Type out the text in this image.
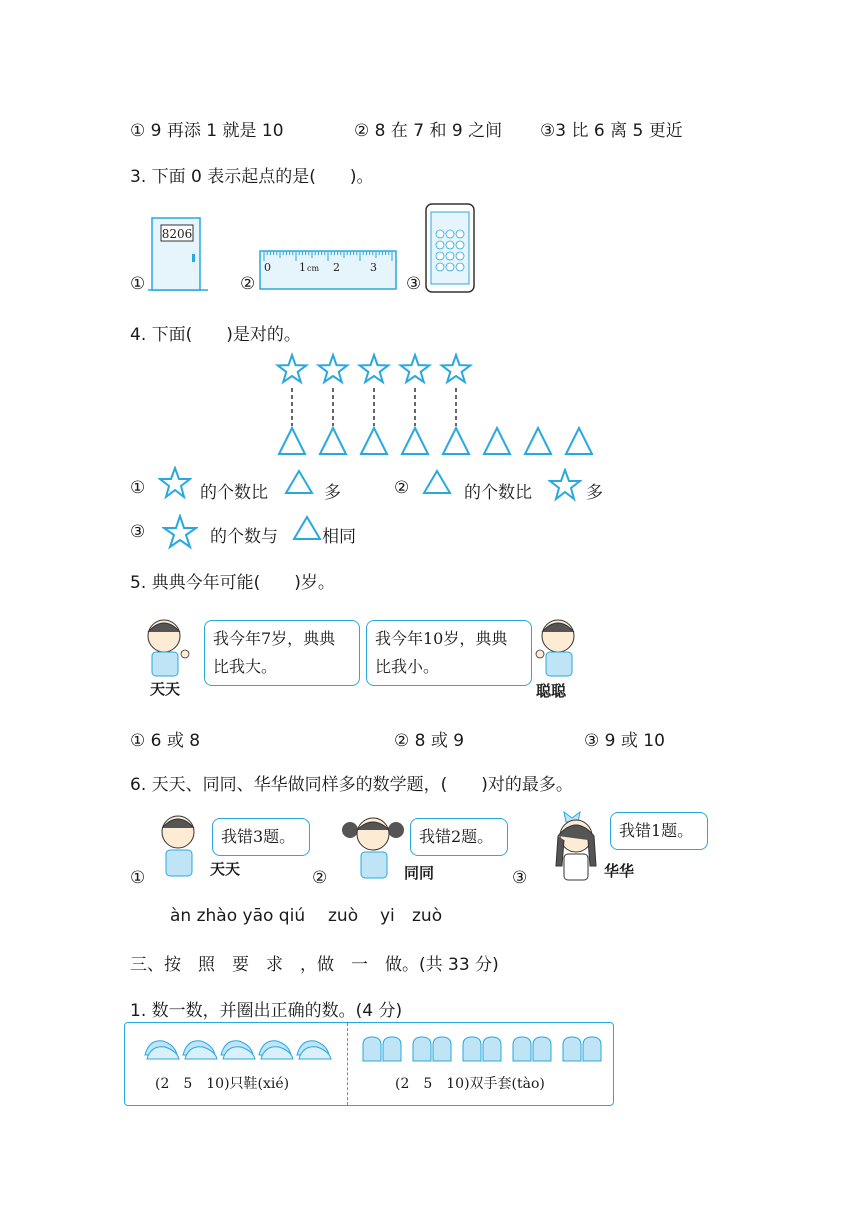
① 9 再添 1 就是 10	② 8 在 7 和 9 之间 ③3 比 6 离 5 更近
3. 下面 0 表示起点的是(　　)。
①
8206
②
0	1 cm 2	3
③
4. 下面(　　)是对的。
①	的个数比	多	②	的个数比	多
③	的个数与	相同
5. 典典今年可能(　　)岁。
天天
我今年7岁，典典
比我大。
我今年10岁，典典
比我小。
聪聪
① 6 或 8	② 8 或 9	③ 9 或 10
6. 天天、同同、华华做同样多的数学题，(　　)对的最多。
①
我错3题。
天天	②
我错2题。
同同	③
我错1题。
华华
àn zhào yāo qiú zuò yi zuò
三、按　照　要　求　，做　一　做。(共 33 分)
1. 数一数，并圈出正确的数。(4 分)
(2　5　10)只鞋(xié)	(2　5　10)双手套(tào)
